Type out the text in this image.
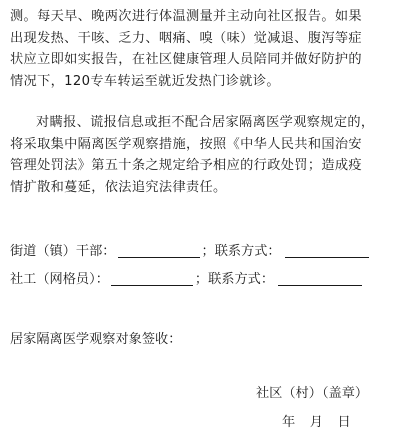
测。每天早、晚两次进行体温测量并主动向社区报告。如果
出现发热、干咳、乏力、咽痛、嗅（味）觉减退、腹泻等症
状应立即如实报告，在社区健康管理人员陪同并做好防护的
情况下，120专车转运至就近发热门诊就诊。
对瞒报、谎报信息或拒不配合居家隔离医学观察规定的，
将采取集中隔离医学观察措施，按照《中华人民共和国治安
管理处罚法》第五十条之规定给予相应的行政处罚；造成疫
情扩散和蔓延，依法追究法律责任。
街道（镇）干部：	； 联系方式：
社工（网格员）：	； 联系方式：
居家隔离医学观察对象签收：
社区（村）（盖章）
年   月   日
